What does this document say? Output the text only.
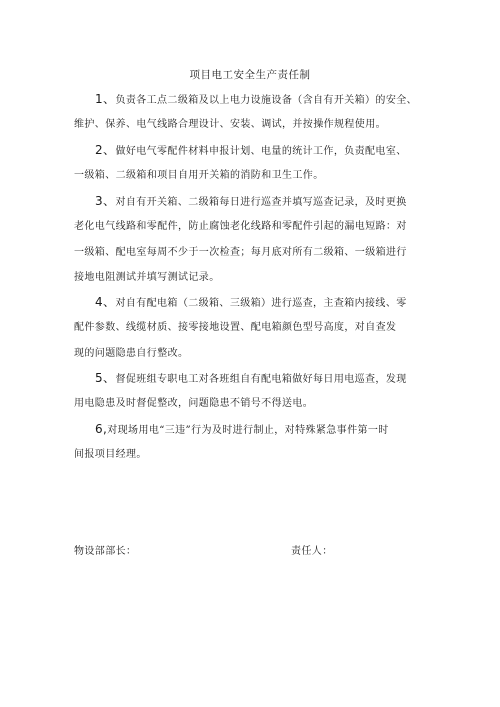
项目电工安全生产责任制
1、负责各工点二级箱及以上电力设施设备（含自有开关箱）的安全、
维护、保养、电气线路合理设计、安装、调试，并按操作规程使用。
2、做好电气零配件材料申报计划、电量的统计工作，负责配电室、
一级箱、二级箱和项目自用开关箱的消防和卫生工作。
3、对自有开关箱、二级箱每日进行巡查并填写巡查记录，及时更换
老化电气线路和零配件，防止腐蚀老化线路和零配件引起的漏电短路：对
一级箱、配电室每周不少于一次检查；每月底对所有二级箱、一级箱进行
接地电阻测试并填写测试记录。
4、对自有配电箱（二级箱、三级箱）进行巡查，主查箱内接线、零
配件参数、线缆材质、接零接地设置、配电箱颜色型号高度，对自查发
现的问题隐患自行整改。
5、督促班组专职电工对各班组自有配电箱做好每日用电巡查，发现
用电隐患及时督促整改，问题隐患不销号不得送电。
6,对现场用电“三违”行为及时进行制止，对特殊紧急事件第一时
间报项目经理。
物设部部长：	责任人：
